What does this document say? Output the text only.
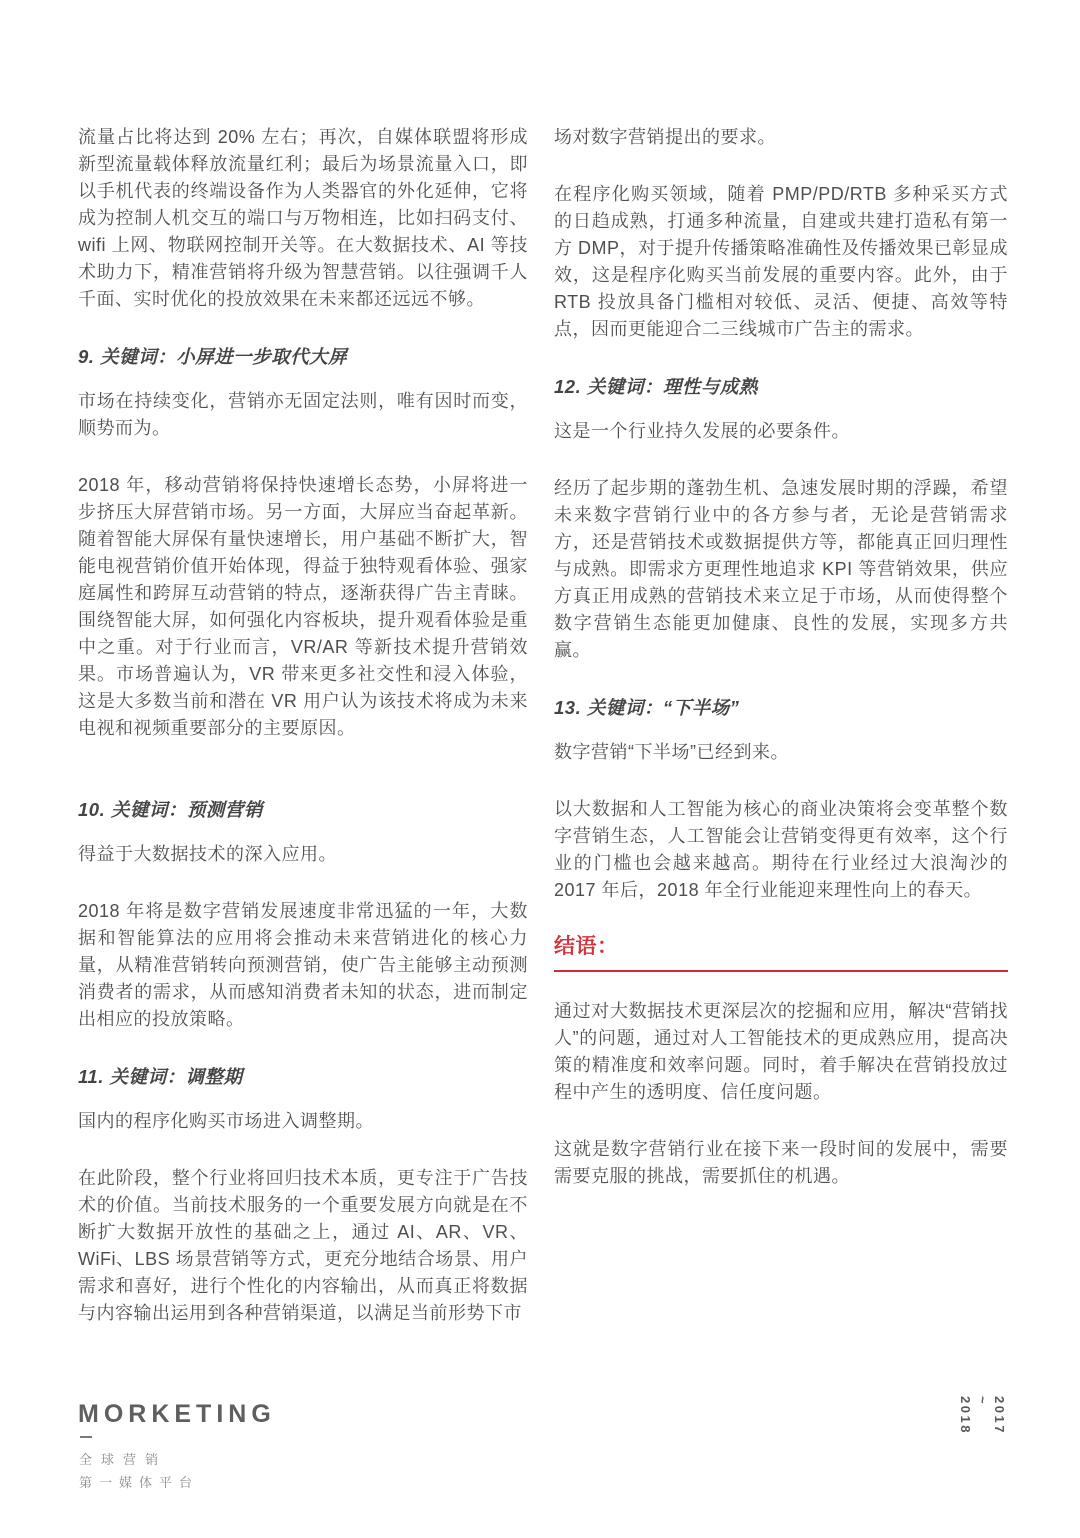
流量占比将达到 20% 左右；再次，自媒体联盟将形成新型流量载体释放流量红利；最后为场景流量入口，即以手机代表的终端设备作为人类器官的外化延伸，它将成为控制人机交互的端口与万物相连，比如扫码支付、wifi 上网、物联网控制开关等。在大数据技术、AI 等技术助力下，精准营销将升级为智慧营销。以往强调千人千面、实时优化的投放效果在未来都还远远不够。

9. 关键词：小屏进一步取代大屏

市场在持续变化，营销亦无固定法则，唯有因时而变，顺势而为。

2018 年，移动营销将保持快速增长态势，小屏将进一步挤压大屏营销市场。另一方面，大屏应当奋起革新。随着智能大屏保有量快速增长，用户基础不断扩大，智能电视营销价值开始体现，得益于独特观看体验、强家庭属性和跨屏互动营销的特点，逐渐获得广告主青睐。围绕智能大屏，如何强化内容板块，提升观看体验是重中之重。对于行业而言，VR/AR 等新技术提升营销效果。市场普遍认为，VR 带来更多社交性和浸入体验，这是大多数当前和潜在 VR 用户认为该技术将成为未来电视和视频重要部分的主要原因。

10. 关键词：预测营销

得益于大数据技术的深入应用。

2018 年将是数字营销发展速度非常迅猛的一年，大数据和智能算法的应用将会推动未来营销进化的核心力量，从精准营销转向预测营销，使广告主能够主动预测消费者的需求，从而感知消费者未知的状态，进而制定出相应的投放策略。

11. 关键词：调整期

国内的程序化购买市场进入调整期。

在此阶段，整个行业将回归技术本质，更专注于广告技术的价值。当前技术服务的一个重要发展方向就是在不断扩大数据开放性的基础之上，通过 AI、AR、VR、WiFi、LBS 场景营销等方式，更充分地结合场景、用户需求和喜好，进行个性化的内容输出，从而真正将数据与内容输出运用到各种营销渠道，以满足当前形势下市

场对数字营销提出的要求。

在程序化购买领域，随着 PMP/PD/RTB 多种采买方式的日趋成熟，打通多种流量，自建或共建打造私有第一方 DMP，对于提升传播策略准确性及传播效果已彰显成效，这是程序化购买当前发展的重要内容。此外，由于 RTB 投放具备门槛相对较低、灵活、便捷、高效等特点，因而更能迎合二三线城市广告主的需求。

12. 关键词：理性与成熟

这是一个行业持久发展的必要条件。

经历了起步期的蓬勃生机、急速发展时期的浮躁，希望未来数字营销行业中的各方参与者，无论是营销需求方，还是营销技术或数据提供方等，都能真正回归理性与成熟。即需求方更理性地追求 KPI 等营销效果，供应方真正用成熟的营销技术来立足于市场，从而使得整个数字营销生态能更加健康、良性的发展，实现多方共赢。

13. 关键词：“下半场”

数字营销“下半场”已经到来。

以大数据和人工智能为核心的商业决策将会变革整个数字营销生态，人工智能会让营销变得更有效率，这个行业的门槛也会越来越高。期待在行业经过大浪淘沙的 2017 年后，2018 年全行业能迎来理性向上的春天。

结语：

通过对大数据技术更深层次的挖掘和应用，解决“营销找人”的问题，通过对人工智能技术的更成熟应用，提高决策的精准度和效率问题。同时，着手解决在营销投放过程中产生的透明度、信任度问题。

这就是数字营销行业在接下来一段时间的发展中，需要需要克服的挑战，需要抓住的机遇。

MORKETING
全球营销
第一媒体平台
2017
~
2018
